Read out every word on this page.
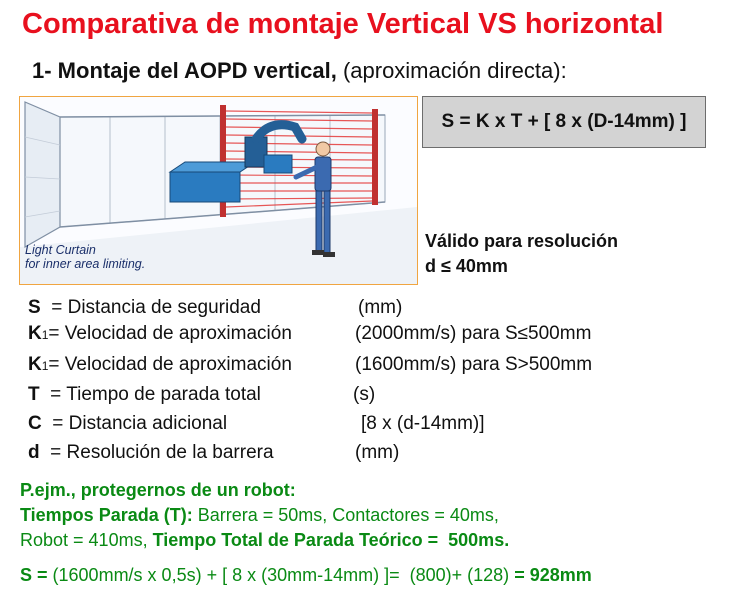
Comparativa de montaje Vertical VS horizontal
1- Montaje del AOPD vertical, (aproximación directa):
Light Curtain
for inner area limiting.
S = K x T + [ 8 x (D-14mm) ]
Válido para resolución
d ≤ 40mm
S  = Distancia de seguridad	(mm)
K1= Velocidad de aproximación	(2000mm/s) para S≤500mm
K1= Velocidad de aproximación	(1600mm/s) para S>500mm
T  = Tiempo de parada total	(s)
C  = Distancia adicional	[8 x (d-14mm)]
d  = Resolución de la barrera	(mm)
P.ejm., protegernos de un robot:
Tiempos Parada (T): Barrera = 50ms, Contactores = 40ms,
Robot = 410ms, Tiempo Total de Parada Teórico =  500ms.
S = (1600mm/s x 0,5s) + [ 8 x (30mm-14mm) ]=  (800)+ (128) = 928mm
